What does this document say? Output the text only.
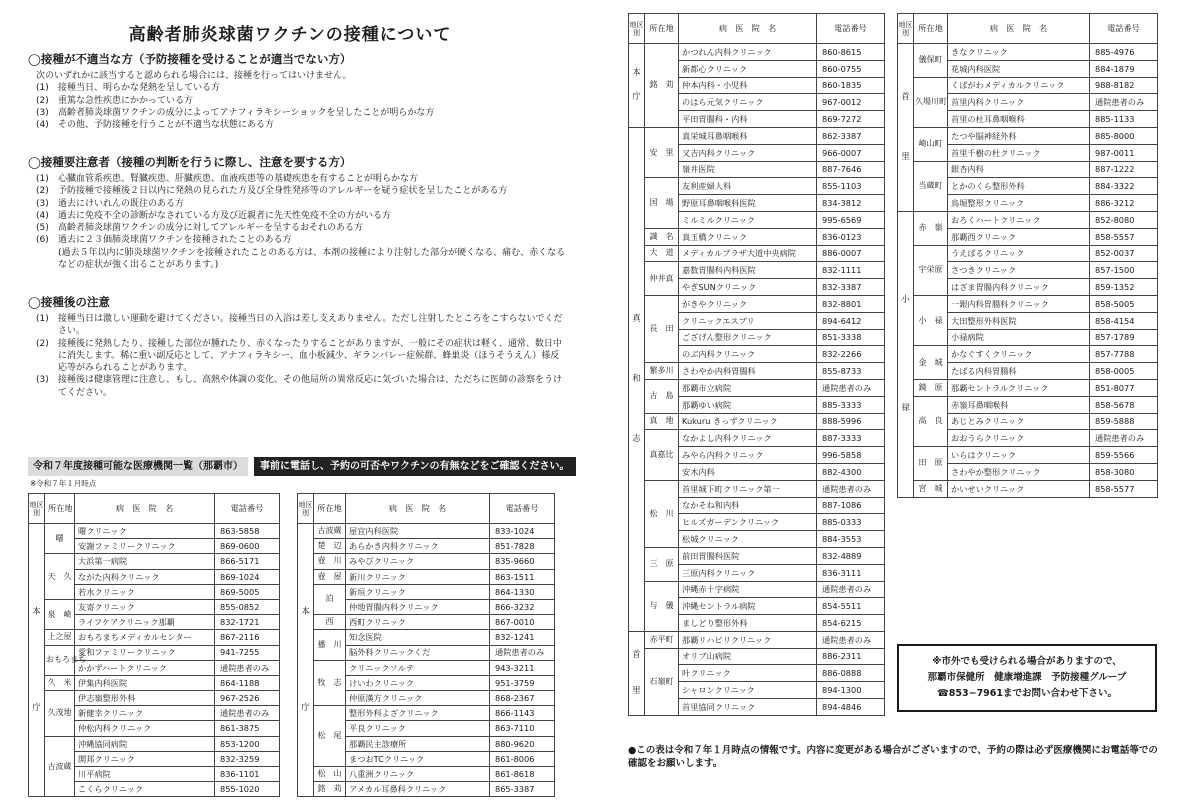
高齢者肺炎球菌ワクチンの接種について
◯接種が不適当な方（予防接種を受けることが適当でない方）

次のいずれかに該当すると認められる場合には、接種を行ってはいけません。

(1)	接種当日、明らかな発熱を呈している方
(2)	重篤な急性疾患にかかっている方
(3)	高齢者肺炎球菌ワクチンの成分によってアナフィラキシーショックを呈したことが明らかな方
(4)	その他、予防接種を行うことが不適当な状態にある方
◯接種要注意者（接種の判断を行うに際し、注意を要する方）
(1)	心臓血管系疾患、腎臓疾患、肝臓疾患、血液疾患等の基礎疾患を有することが明らかな方
(2)	予防接種で接種後２日以内に発熱の見られた方及び全身性発疹等のアレルギーを疑う症状を呈したことがある方
(3)	過去にけいれんの既往のある方
(4)	過去に免疫不全の診断がなされている方及び近親者に先天性免疫不全の方がいる方
(5)	高齢者肺炎球菌ワクチンの成分に対してアレルギーを呈するおそれのある方
(6)	過去に２３価肺炎球菌ワクチンを接種されたことのある方
(過去５年以内に肺炎球菌ワクチンを接種されたことのある方は、本剤の接種により注射した部分が硬くなる、痛む、赤くなるなどの症状が強く出ることがあります。)
◯接種後の注意
(1)	接種当日は激しい運動を避けてください。接種当日の入浴は差し支えありません。ただし注射したところをこすらないでください。
(2)	接種後に発熱したり、接種した部位が腫れたり、赤くなったりすることがありますが、一般にその症状は軽く、通常、数日中に消失します。稀に重い副反応として、アナフィラキシー、血小板減少、ギランバレー症候群、蜂巣炎（ほうそうえん）様反応等がみられることがあります。
(3)	接種後は健康管理に注意し、もし、高熱や体調の変化、その他局所の異常反応に気づいた場合は、ただちに医師の診察をうけてください。
令和７年度接種可能な医療機関一覧（那覇市）	事前に電話し、予約の可否やワクチンの有無などをご確認ください。
※令和７年１月時点
地区別	所在地	病　医　院　名	電話番号
本

庁	曙	曙クリニック	863-5858
		安謝ファミリークリニック	869-0600
	天　久	大浜第一病院	866-5171
		ながた内科クリニック	869-1024
		若水クリニック	869-5005
	泉　崎	友寄クリニック	855-0852
		ライフケアクリニック那覇	832-1721
	上之屋	おもろまちメディカルセンター	867-2116
	おもろまち	愛和ファミリークリニック	941-7255
		かかずハートクリニック	通院患者のみ
	久　米	伊集内科医院	864-1188
	久茂地	伊志嶺整形外科	967-2526
		新健幸クリニック	通院患者のみ
		仲松内科クリニック	861-3875
	古波蔵	沖縄協同病院	853-1200
		開邦クリニック	832-3259
		川平病院	836-1101
		こくらクリニック	855-1020
地区別	所在地	病　医　院　名	電話番号
本

庁	古波蔵	屋宜内科医院	833-1024
	楚　辺	あらかき内科クリニック	851-7828
	壺　川	みやびクリニック	835-9660
	壺　屋	新川クリニック	863-1511
	泊	新垣クリニック	864-1330
		仲地胃腸内科クリニック	866-3232
	西	西町クリニック	867-0010
	播　川	知念医院	832-1241
		脳外科クリニックくだ	通院患者のみ
	牧　志	クリニックソルテ	943-3211
		けいわクリニック	951-3759
		仲原漢方クリニック	868-2367
	松　尾	整形外科よざクリニック	866-1143
		平良クリニック	863-7110
		那覇民主診療所	880-9620
		まつおTCクリニック	861-8006
	松　山	八重洲クリニック	861-8618
	銘　苅	アメカル耳鼻科クリニック	865-3387
地区別	所在地	病　医　院　名	電話番号
本

庁	銘　苅	かつれん内科クリニック	860-8615
		新都心クリニック	860-0755
		仲本内科・小児科	860-1835
		のはら元気クリニック	967-0012
		平田胃腸科・内科	869-7272
真

和

志	安　里	真栄城耳鼻咽喉科	862-3387
		又吉内科クリニック	966-0007
		嶺井医院	887-7646
	国　場	友利産婦人科	855-1103
		野原耳鼻咽喉科医院	834-3812
		ミルミルクリニック	995-6569
	識　名	真玉橋クリニック	836-0123
	大　道	メディカルプラザ大道中央病院	886-0007
	仲井真	嘉数胃腸科内科医院	832-1111
		やぎSUNクリニック	832-3387
	長　田	がきやクリニック	832-8801
		クリニックエスプリ	894-6412
		ござげん整形クリニック	851-3338
		のぶ内科クリニック	832-2266
	繁多川	さわやか内科胃腸科	855-8733
	古　島	那覇市立病院	通院患者のみ
		那覇ゆい病院	885-3333
	真　地	Kukuru きっずクリニック	888-5996
	真嘉比	なかよし内科クリニック	887-3333
		みやら内科クリニック	996-5858
		安木内科	882-4300
	松　川	首里城下町クリニック第一	通院患者のみ
		なかそね和内科	887-1086
		ヒルズガーデンクリニック	885-0333
		松城クリニック	884-3553
	三　原	前田胃腸科医院	832-4889
		三原内科クリニック	836-3111
	与　儀	沖縄赤十字病院	通院患者のみ
		沖縄セントラル病院	854-5511
		ましどり整形外科	854-6215
首

里	赤平町	那覇リハビリクリニック	通院患者のみ
	石嶺町	オリブ山病院	886-2311
		叶クリニック	886-0888
		シャロンクリニック	894-1300
		首里協同クリニック	894-4846
地区別	所在地	病　医　院　名	電話番号
首

里	儀保町	きなクリニック	885-4976
		花城内科医院	884-1879
	久場川町	くばがわメディカルクリニック	988-8182
		首里内科クリニック	通院患者のみ
		首里の杜耳鼻咽喉科	885-1133
	崎山町	たつや脳神経外科	885-8000
		首里千樹の杜クリニック	987-0011
	当蔵町	銀杏内科	887-1222
		とかのくら整形外科	884-3322
		鳥堀整形クリニック	886-3212
小

禄	赤　嶺	おろくハートクリニック	852-8080
		那覇西クリニック	858-5557
	宇栄原	うえばるクリニック	852-0037
		さつきクリニック	857-1500
		はざま胃腸内科クリニック	859-1352
	小　禄	一銀内科胃腸科クリニック	858-5005
		大田整形外科医院	858-4154
		小禄病院	857-1789
	金　城	かなぐすくクリニック	857-7788
		たばる内科胃腸科	858-0005
	鏡　原	那覇セントラルクリニック	851-8077
	高　良	赤嶺耳鼻咽喉科	858-5678
		あじとみクリニック	859-5888
		おおうらクリニック	通院患者のみ
	田　原	いらはクリニック	859-5566
		さわやか整形クリニック	858-3080
	宮　城	かいせいクリニック	858-5577
※市外でも受けられる場合がありますので、
那覇市保健所　健康増進課　予防接種グループ
☎853−7961までお問い合わせ下さい。
●この表は令和７年１月時点の情報です。内容に変更がある場合がございますので、予約の際は必ず医療機関にお電話等での確認をお願いします。
